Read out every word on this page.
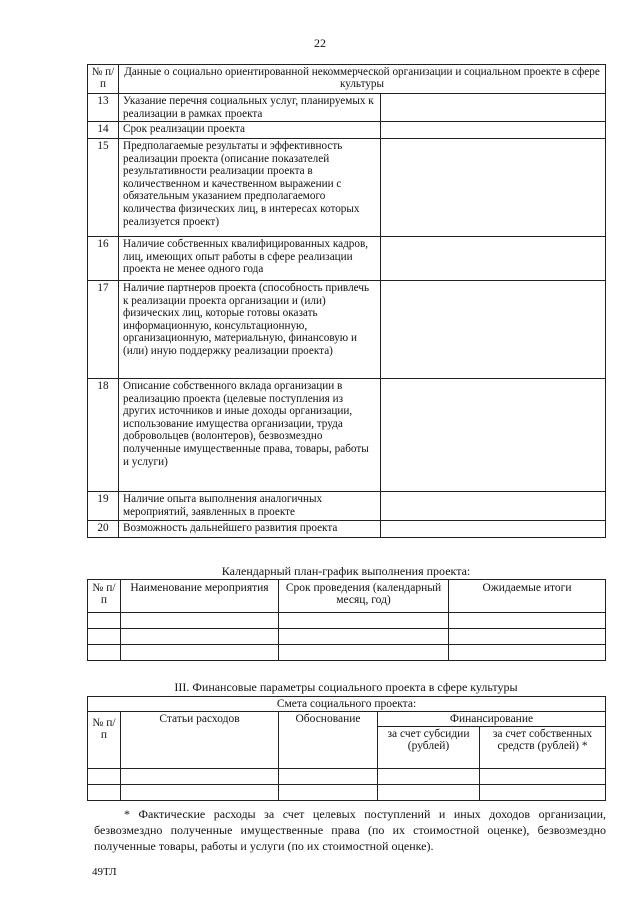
22
№ п/п	Данные о социально ориентированной некоммерческой организации и социальном проекте в сфере культуры	
13	Указание перечня социальных услуг, планируемых к реализации в рамках проекта	
14	Срок реализации проекта	
15	Предполагаемые результаты и эффективность реализации проекта (описание показателей результативности реализации проекта в количественном и качественном выражении с обязательным указанием предполагаемого количества физических лиц, в интересах которых реализуется проект)	
16	Наличие собственных квалифицированных кадров, лиц, имеющих опыт работы в сфере реализации проекта не менее одного года	
17	Наличие партнеров проекта (способность привлечь к реализации проекта организации и (или) физических лиц, которые готовы оказать информационную, консультационную, организационную, материальную, финансовую и (или) иную поддержку реализации проекта)	
18	Описание собственного вклада организации в реализацию проекта (целевые поступления из других источников и иные доходы организации, использование имущества организации, труда добровольцев (волонтеров), безвозмездно полученные имущественные права, товары, работы и услуги)	
19	Наличие опыта выполнения аналогичных мероприятий, заявленных в проекте	
20	Возможность дальнейшего развития проекта	
Календарный план-график выполнения проекта:
№ п/п	Наименование мероприятия	Срок проведения (календарный месяц, год)	Ожидаемые итоги

III. Финансовые параметры социального проекта в сфере культуры
Смета социального проекта:				
№ п/п	Статьи расходов	Обоснование	Финансирование	
			за счет субсидии (рублей)	за счет собственных средств (рублей) *

* Фактические расходы за счет целевых поступлений и иных доходов организации, безвозмездно полученные имущественные права (по их стоимостной оценке), безвозмездно полученные товары, работы и услуги (по их стоимостной оценке).
49ТЛ
